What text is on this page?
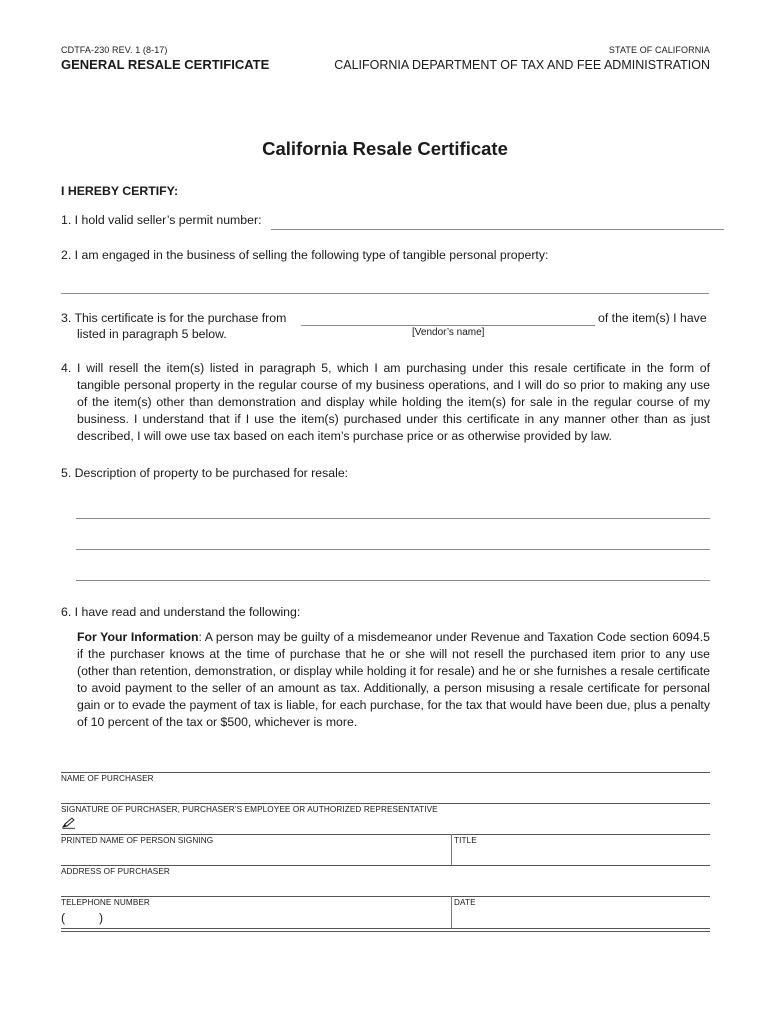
CDTFA-230 REV. 1 (8-17)
GENERAL RESALE CERTIFICATE
STATE OF CALIFORNIA
CALIFORNIA DEPARTMENT OF TAX AND FEE ADMINISTRATION
California Resale Certificate
I HEREBY CERTIFY:
1. I hold valid seller’s permit number:
2. I am engaged in the business of selling the following type of tangible personal property:
3. This certificate is for the purchase from	of the item(s) I have
listed in paragraph 5 below.	[Vendor’s name]
4. I will resell the item(s) listed in paragraph 5, which I am purchasing under this resale certificate in the form of tangible personal property in the regular course of my business operations, and I will do so prior to making any use of the item(s) other than demonstration and display while holding the item(s) for sale in the regular course of my business. I understand that if I use the item(s) purchased under this certificate in any manner other than as just described, I will owe use tax based on each item’s purchase price or as otherwise provided by law.
5. Description of property to be purchased for resale:
6. I have read and understand the following:
For Your Information: A person may be guilty of a misdemeanor under Revenue and Taxation Code section 6094.5 if the purchaser knows at the time of purchase that he or she will not resell the purchased item prior to any use (other than retention, demonstration, or display while holding it for resale) and he or she furnishes a resale certificate to avoid payment to the seller of an amount as tax. Additionally, a person misusing a resale certificate for personal gain or to evade the payment of tax is liable, for each purchase, for the tax that would have been due, plus a penalty of 10 percent of the tax or $500, whichever is more.
NAME OF PURCHASER
SIGNATURE OF PURCHASER, PURCHASER’S EMPLOYEE OR AUTHORIZED REPRESENTATIVE
PRINTED NAME OF PERSON SIGNING	TITLE
ADDRESS OF PURCHASER
TELEPHONE NUMBER
(	)
DATE
